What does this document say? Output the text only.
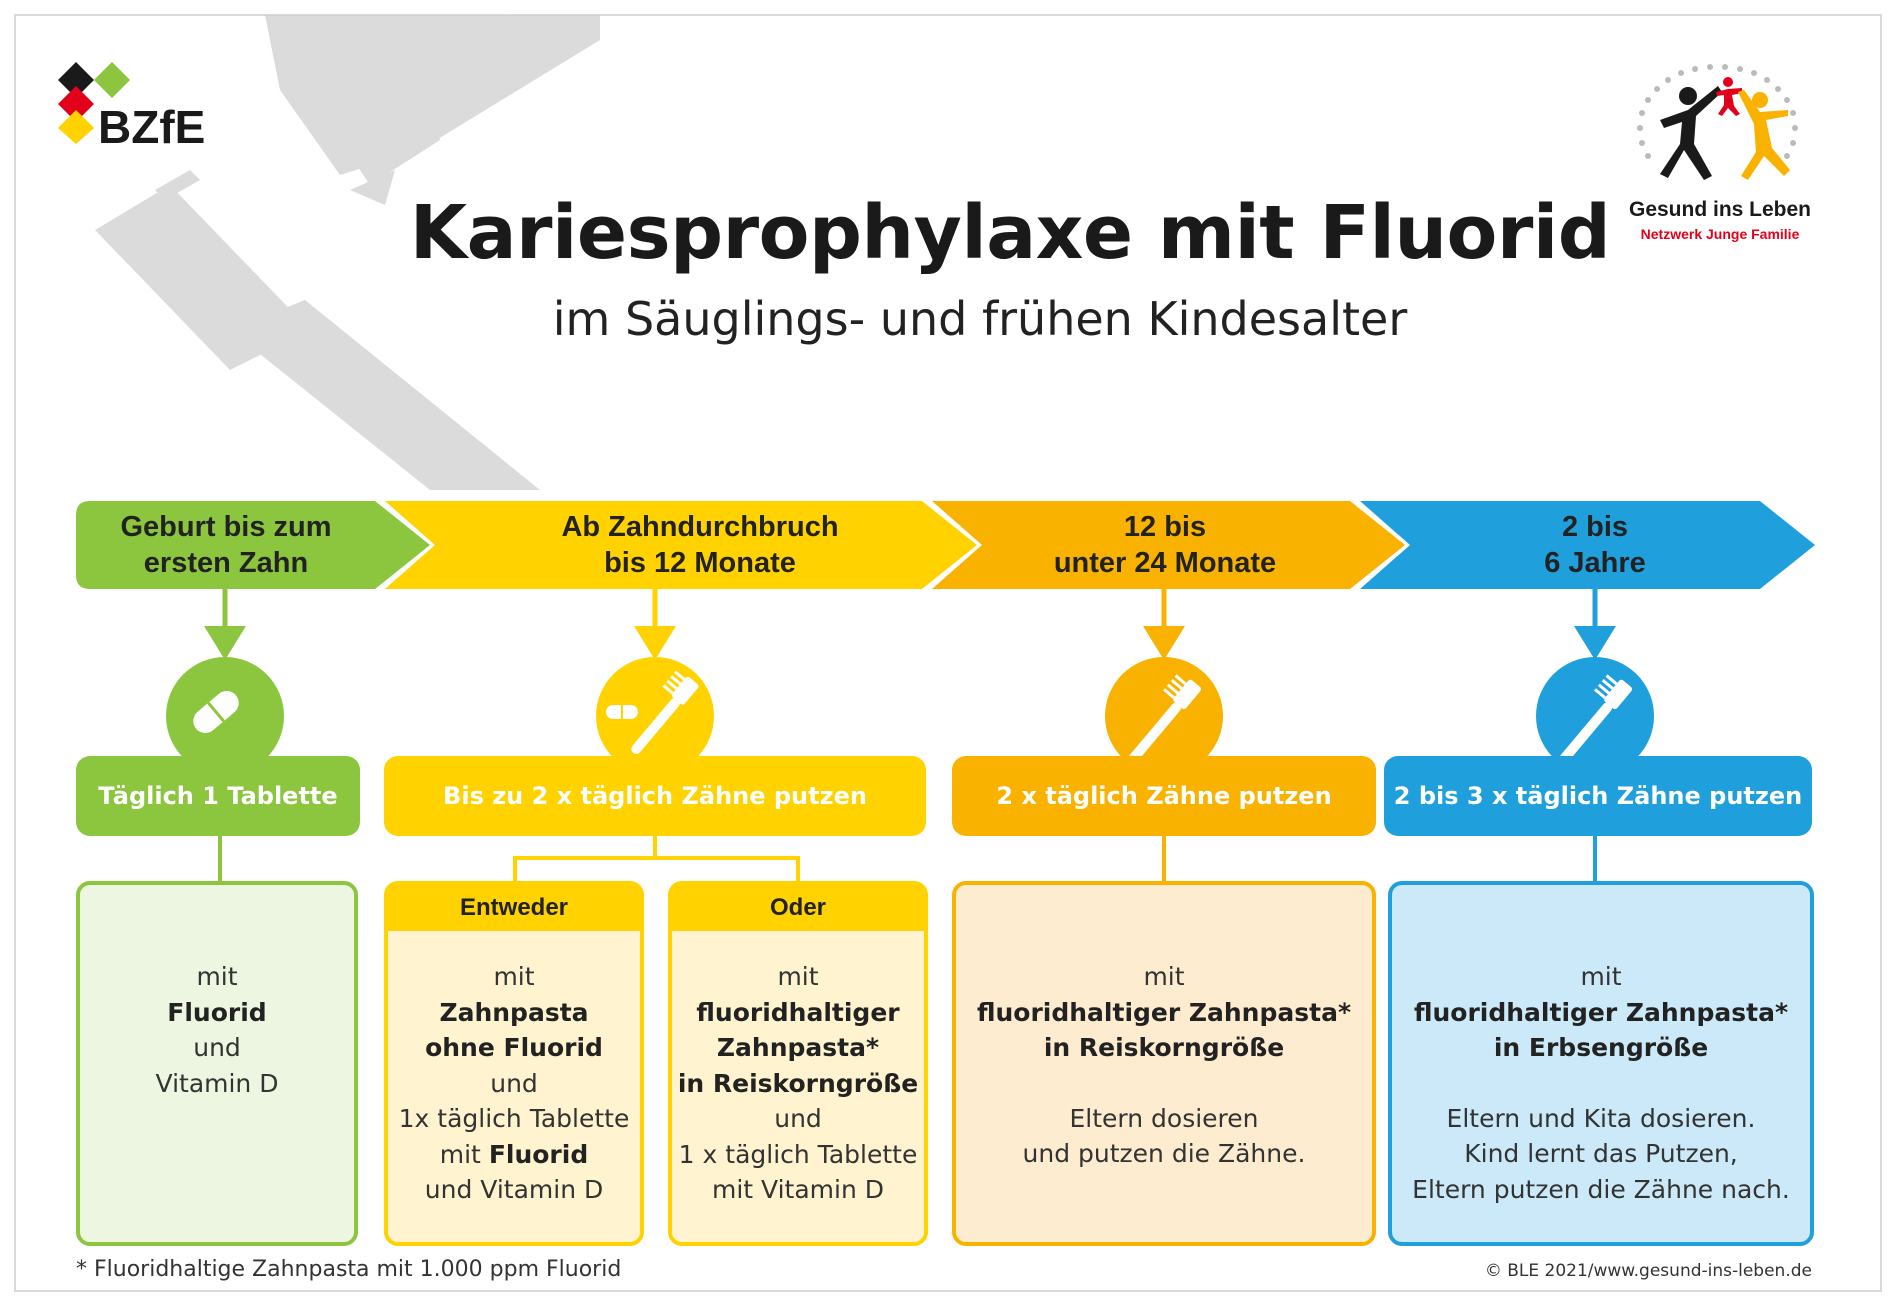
BZfE
Gesund ins Leben
Netzwerk Junge Familie
Kariesprophylaxe mit Fluorid
im Säuglings- und frühen Kindesalter
Geburt bis zum
ersten Zahn
Ab Zahndurchbruch
bis 12 Monate
12 bis
unter 24 Monate
2 bis
6 Jahre
Täglich 1 Tablette	Bis zu 2 x täglich Zähne putzen	2 x täglich Zähne putzen	2 bis 3 x täglich Zähne putzen
mit
Fluorid
und
Vitamin D
Entweder
mit
Zahnpasta
ohne Fluorid
und
1x täglich Tablette
mit Fluorid
und Vitamin D
Oder
mit
fluoridhaltiger
Zahnpasta*
in Reiskorngröße
und
1 x täglich Tablette
mit Vitamin D
mit
fluoridhaltiger Zahnpasta*
in Reiskorngröße
Eltern dosieren
und putzen die Zähne.
mit
fluoridhaltiger Zahnpasta*
in Erbsengröße
Eltern und Kita dosieren.
Kind lernt das Putzen,
Eltern putzen die Zähne nach.
* Fluoridhaltige Zahnpasta mit 1.000 ppm Fluorid	© BLE 2021/www.gesund-ins-leben.de
